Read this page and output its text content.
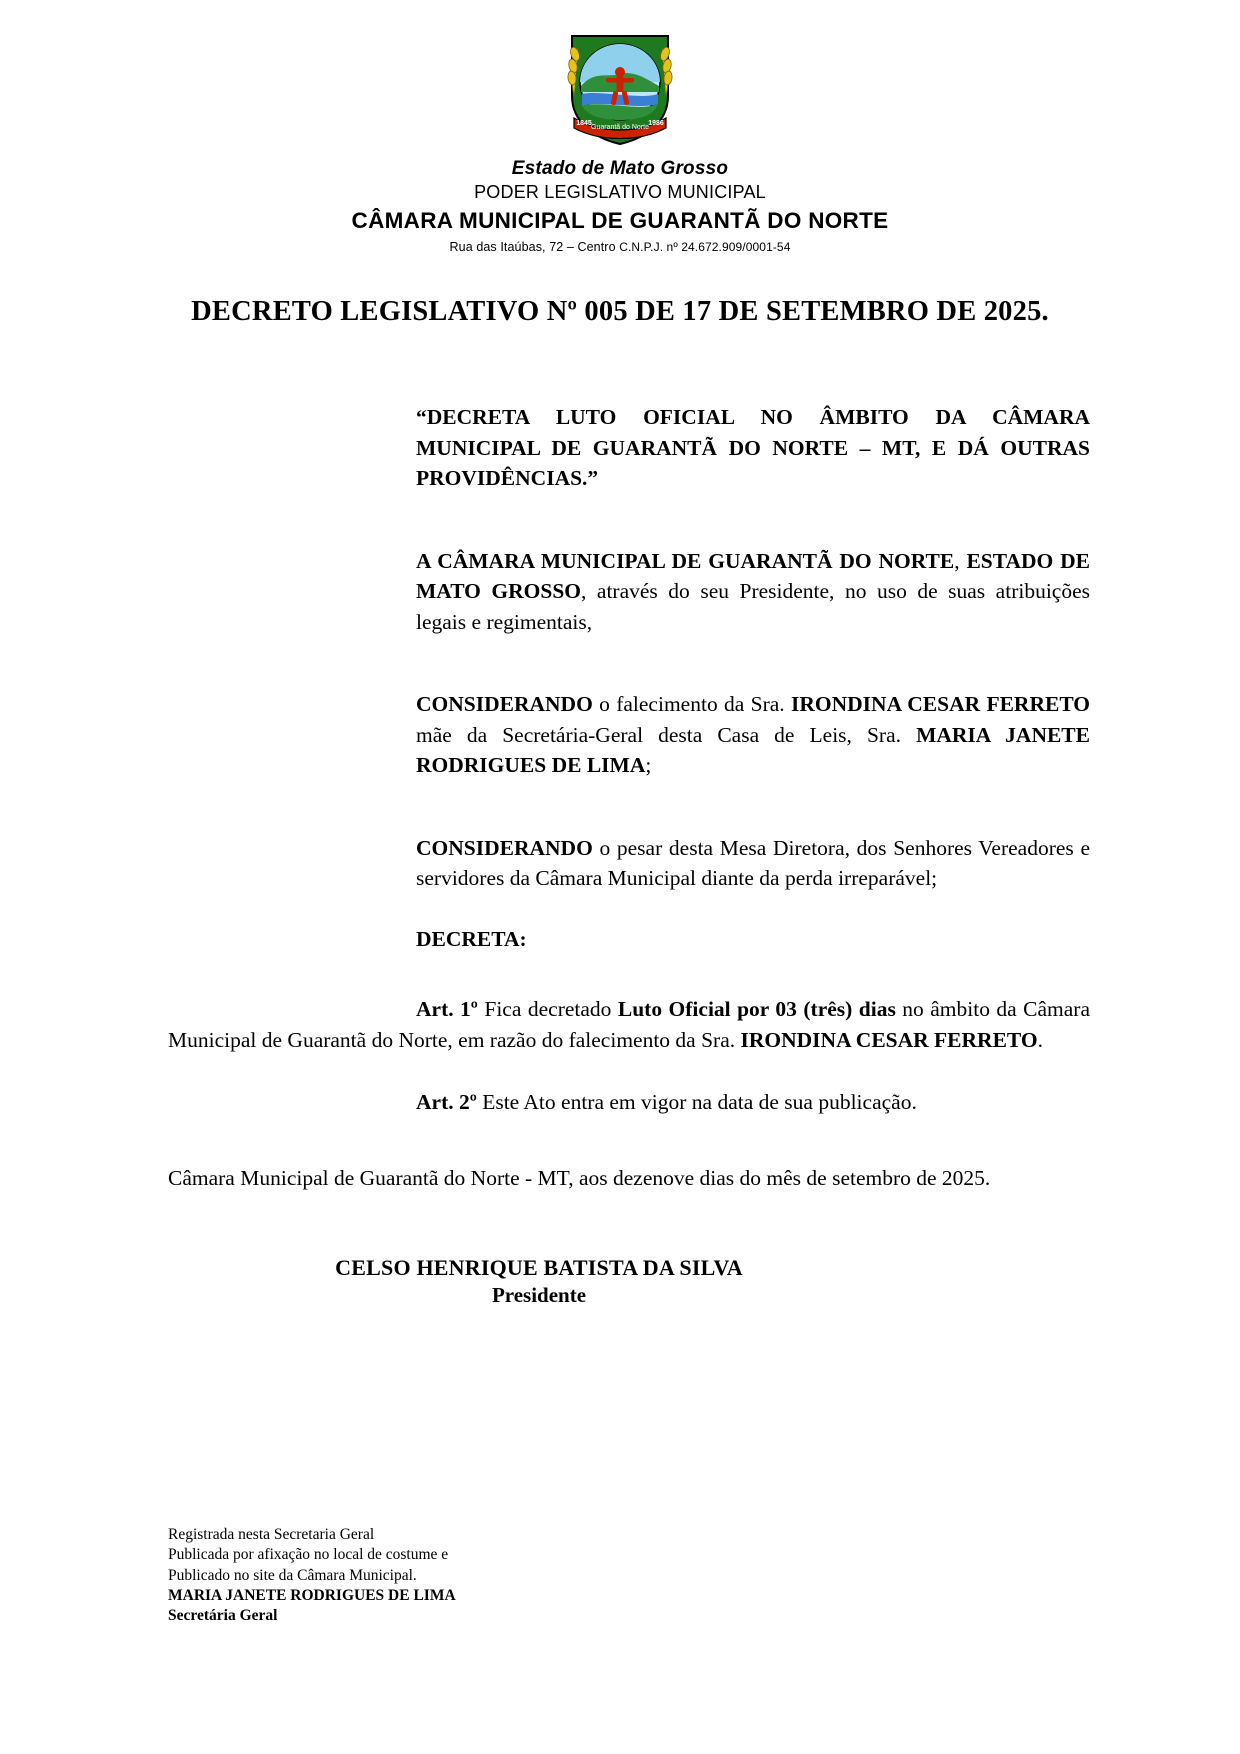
Guarantã do Norte
1845	1986
Estado de Mato Grosso
PODER LEGISLATIVO MUNICIPAL
CÂMARA MUNICIPAL DE GUARANTÃ DO NORTE
Rua das Itaúbas, 72 – Centro C.N.P.J. nº 24.672.909/0001-54
DECRETO LEGISLATIVO Nº 005 DE 17 DE SETEMBRO DE 2025.
“DECRETA LUTO OFICIAL NO ÂMBITO DA CÂMARA MUNICIPAL DE GUARANTÃ DO NORTE – MT, E DÁ OUTRAS PROVIDÊNCIAS.”
A CÂMARA MUNICIPAL DE GUARANTÃ DO NORTE, ESTADO DE MATO GROSSO, através do seu Presidente, no uso de suas atribuições legais e regimentais,
CONSIDERANDO o falecimento da Sra. IRONDINA CESAR FERRETO mãe da Secretária-Geral desta Casa de Leis, Sra. MARIA JANETE RODRIGUES DE LIMA;
CONSIDERANDO o pesar desta Mesa Diretora, dos Senhores Vereadores e servidores da Câmara Municipal diante da perda irreparável;
DECRETA:
Art. 1º Fica decretado Luto Oficial por 03 (três) dias no âmbito da Câmara Municipal de Guarantã do Norte, em razão do falecimento da Sra. IRONDINA CESAR FERRETO.
Art. 2º Este Ato entra em vigor na data de sua publicação.
Câmara Municipal de Guarantã do Norte - MT, aos dezenove dias do mês de setembro de 2025.
CELSO HENRIQUE BATISTA DA SILVA
Presidente
Registrada nesta Secretaria Geral
Publicada por afixação no local de costume e
Publicado no site da Câmara Municipal.
MARIA JANETE RODRIGUES DE LIMA
Secretária Geral
